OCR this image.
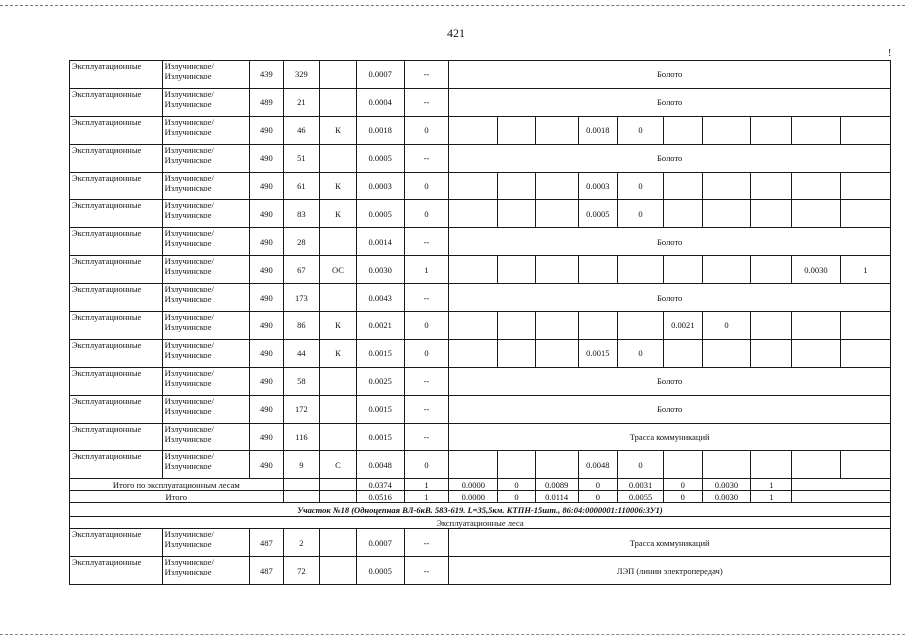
421
!
Эксплуатационные	Излучинское/
Излучинское	439	329		0.0007	--	Болото									
Эксплуатационные	Излучинское/
Излучинское	489	21		0.0004	--	Болото									
Эксплуатационные	Излучинское/
Излучинское	490	46	К	0.0018	0				0.0018	0					
Эксплуатационные	Излучинское/
Излучинское	490	51		0.0005	--	Болото									
Эксплуатационные	Излучинское/
Излучинское	490	61	К	0.0003	0				0.0003	0					
Эксплуатационные	Излучинское/
Излучинское	490	83	К	0.0005	0				0.0005	0					
Эксплуатационные	Излучинское/
Излучинское	490	28		0.0014	--	Болото									
Эксплуатационные	Излучинское/
Излучинское	490	67	ОС	0.0030	1									0.0030	1
Эксплуатационные	Излучинское/
Излучинское	490	173		0.0043	--	Болото									
Эксплуатационные	Излучинское/
Излучинское	490	86	К	0.0021	0						0.0021	0			
Эксплуатационные	Излучинское/
Излучинское	490	44	К	0.0015	0				0.0015	0					
Эксплуатационные	Излучинское/
Излучинское	490	58		0.0025	--	Болото									
Эксплуатационные	Излучинское/
Излучинское	490	172		0.0015	--	Болото									
Эксплуатационные	Излучинское/
Излучинское	490	116		0.0015	--	Трасса коммуникаций									
Эксплуатационные	Излучинское/
Излучинское	490	9	С	0.0048	0				0.0048	0					
Итого по эксплуатационным лесам					0.0374	1	0.0000	0	0.0089	0	0.0031	0	0.0030	1		
Итого					0.0516	1	0.0000	0	0.0114	0	0.0055	0	0.0030	1		
Участок №18 (Одноцепная ВЛ-6кВ. 583-619. L=35,5км. КТПН-15шт., 86:04:0000001:110006:ЗУ1)																
Эксплуатационные леса																
Эксплуатационные	Излучинское/
Излучинское	487	2		0.0007	--	Трасса коммуникаций									
Эксплуатационные	Излучинское/
Излучинское	487	72		0.0005	--	ЛЭП (линии электропередач)									
